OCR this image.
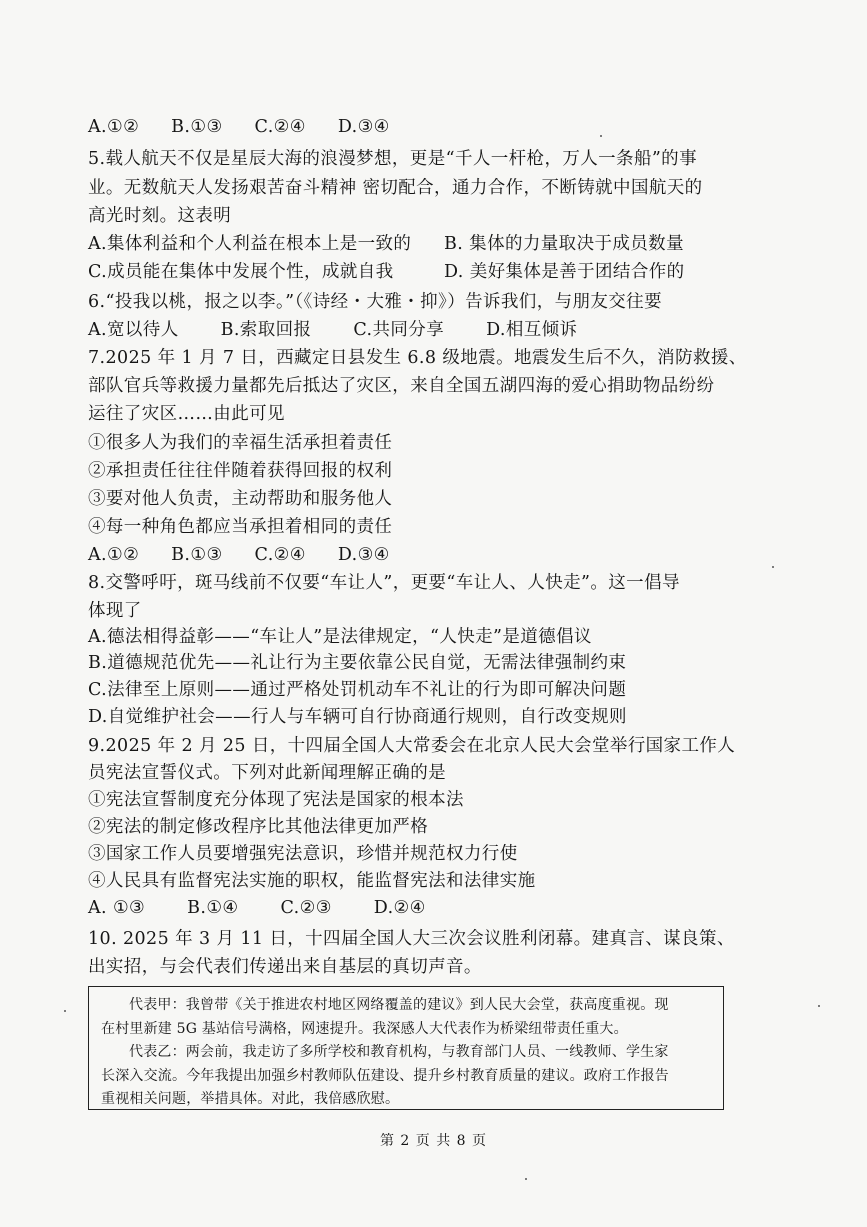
A.①② B.①③ C.②④ D.③④
5.载人航天不仅是星辰大海的浪漫梦想，更是“千人一杆枪，万人一条船”的事
业。无数航天人发扬艰苦奋斗精神 密切配合，通力合作，不断铸就中国航天的
高光时刻。这表明
A.集体利益和个人利益在根本上是一致的 B. 集体的力量取决于成员数量
C.成员能在集体中发展个性，成就自我	D. 美好集体是善于团结合作的
6.“投我以桃，报之以李。”（《诗经・大雅・抑》）告诉我们，与朋友交往要
A.宽以待人 B.索取回报 C.共同分享 D.相互倾诉
7.2025 年 1 月 7 日，西藏定日县发生 6.8 级地震。地震发生后不久，消防救援、
部队官兵等救援力量都先后抵达了灾区，来自全国五湖四海的爱心捐助物品纷纷
运往了灾区……由此可见
①很多人为我们的幸福生活承担着责任
②承担责任往往伴随着获得回报的权利
③要对他人负责，主动帮助和服务他人
④每一种角色都应当承担着相同的责任
A.①② B.①③ C.②④ D.③④
8.交警呼吁，斑马线前不仅要“车让人”，更要“车让人、人快走”。这一倡导
体现了
A.德法相得益彰——“车让人”是法律规定，“人快走”是道德倡议
B.道德规范优先——礼让行为主要依靠公民自觉，无需法律强制约束
C.法律至上原则——通过严格处罚机动车不礼让的行为即可解决问题
D.自觉维护社会——行人与车辆可自行协商通行规则，自行改变规则
9.2025 年 2 月 25 日，十四届全国人大常委会在北京人民大会堂举行国家工作人
员宪法宣誓仪式。下列对此新闻理解正确的是
①宪法宣誓制度充分体现了宪法是国家的根本法
②宪法的制定修改程序比其他法律更加严格
③国家工作人员要增强宪法意识，珍惜并规范权力行使
④人民具有监督宪法实施的职权，能监督宪法和法律实施
A. ①③ B.①④ C.②③ D.②④
10. 2025 年 3 月 11 日，十四届全国人大三次会议胜利闭幕。建真言、谋良策、
出实招，与会代表们传递出来自基层的真切声音。

代表甲：我曾带《关于推进农村地区网络覆盖的建议》到人民大会堂，获高度重视。现

在村里新建 5G 基站信号满格，网速提升。我深感人大代表作为桥梁纽带责任重大。

代表乙：两会前，我走访了多所学校和教育机构，与教育部门人员、一线教师、学生家

长深入交流。今年我提出加强乡村教师队伍建设、提升乡村教育质量的建议。政府工作报告

重视相关问题，举措具体。对此，我倍感欣慰。

第 2 页 共 8 页
